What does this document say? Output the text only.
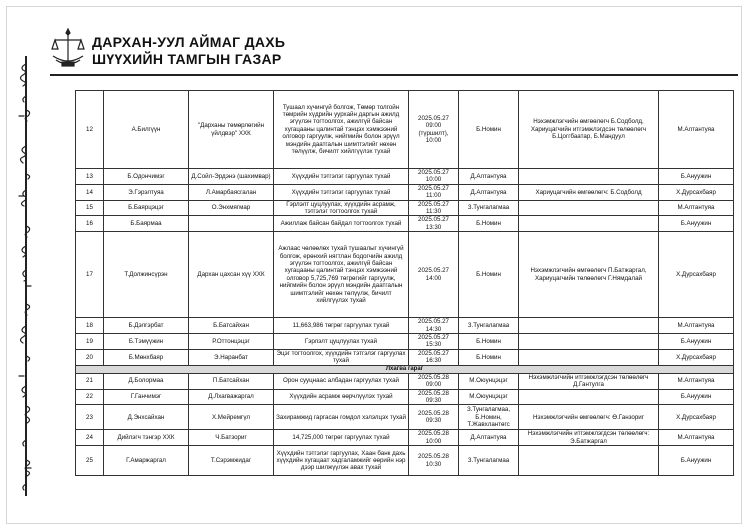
ДАРХАН-УУЛ АЙМАГ ДАХЬ
ШҮҮХИЙН ТАМГЫН ГАЗАР
12	А.Билгүүн	"Дарханы төмөрлөгийн үйлдвэр" ХХК	Тушаал хүчингүй болгож, Төмөр толгойн төмрийн хүдрийн уурхайн даргын ажилд эгүүлэн тогтоолгох, ажилгүй байсан хугацааны цалинтай тэнцэх хэмжээний олговор гаргуулж, нийгмийн болон эрүүл мэндийн даатгалын шимтгэлийг нөхөн төлүүлж, бичилт хийлгүүлэх тухай	2025.05.27 09:00 (түршилт), 10:00	Б.Номин	Нэхэмжлэгчийн өмгөөлөгч Б.Содболд, Хариуцагчийн итгэмжлэгдсэн төлөөлөгч Б.Цоггбаатар, Б.Мандуул	М.Алтантуяа
13	Б.Одончимэг	Д.Сойл-Эрдэнэ (шахимвар)	Хүүхдийн тэтгэлэг гаргуулах тухай	2025.05.27 10:00	Д.Алтантуяа		Б.Ануужин
14	Э.Гэрэлтуяа	Л.Амарбаясгалан	Хүүхдийн тэтгэлэг гаргуулах тухай	2025.05.27 11:00	Д.Алтантуяа	Хариуцагчийн өмгөөлөгч: Б.Содболд	Х.Дурсахбаяр
15	Б.Баярцэцэг	О.Энхмягмар	Гэрлэлт цуцлуулах, хүүхдийн асрамж, тэтгэлэг тогтоолгох тухай	2025.05.27 11:30	З.Тунгалагмаа		М.Алтантуяа
16	Б.Баярмаа		Ажиллаж байсан байдал тогтоолгох тухай	2025.05.27 13:30	Б.Номин		Б.Ануужин
17	Т.Должинсүрэн	Дархан цахсан хүү ХХК	Ажлаас чөлөөлөх тухай тушаалыг хүчингүй болгож, ерөнхий нягтлан бодогчийн ажилд эгүүлэн тогтоолгох, ажилгүй байсан хугацааны цалинтай тэнцэх хэмжээний олговор 5,725,769 төгрөгийг гаргуулж, нийгмийн болон эрүүл мэндийн даатгалын шимтгэлийг нөхөн төлүүлж, бичилт хийлгүүлэх тухай	2025.05.27 14:00	Б.Номин	Нэхэмжлэгчийн өмгөөлөгч П.Батжаргал, Хариуцагчийн төлөөлөгч Г.Нямдалай	Х.Дурсахбаяр
18	Б.Дэлгэрбат	Б.Батсайхан	11,663,986 төгрөг гаргуулах тухай	2025.05.27 14:30	З.Тунгалагмаа		М.Алтантуяа
19	Б.Тэмүүжин	Р.Оттонцэцэг	Гэрлэлт цуцлуулах тухай	2025.05.27 15:30	Б.Номин		Б.Ануужин
20	Б.Мөнхбаяр	Э.Наранбат	Эцэг тогтоолгох, хүүхдийн тэтгэлэг гаргуулах тухай	2025.05.27 16:30	Б.Номин		Х.Дурсахбаяр
Лхагва гараг							
21	Д.Болормаа	П.Батсайхан	Орон сууцнаас албадан гаргуулах тухай	2025.05.28 09:00	М.Оюунцэцэг	Нэхэмжлэгчийн итгэмжлэгдсэн төлөөлөгч Д.Гантулга	М.Алтантуяа
22	Г.Ганчимэг	Д.Лхагважаргал	Хүүхдийн асрамж өөрчлүүлэх тухай	2025.05.28 09:30	М.Оюунцэцэг		Б.Ануужин
23	Д.Энхсайхан	Х.Мейремгүл	Захирамжид гаргасан гомдол хэлэлцэх тухай	2025.05.28 09:30	З.Тунгалагмаа, Б.Номин, Т.Жавхлантөгс	Нэхэмжлэгчийн өмгөөлөгч: Ө.Ганзориг	Х.Дурсахбаяр
24	Дийлэгч тэнгэр ХХК	Ч.Батзориг	14,725,000 төгрөг гаргуулах тухай	2025.05.28 10:00	Д.Алтантуяа	Нэхэмжлэгчийн итгэмжлэгдсэн төлөөлөгч: Э.Батжаргал	М.Алтантуяа
25	Г.Амаржаргал	Т.Сэрэмжидаг	Хүүхдийн тэтгэлэг гаргуулах, Хаан банк дахь хүүхдийн хугацаат хадгаламжийг өөрийн нэр дээр шилжүүлэн авах тухай	2025.05.28 10:30	З.Тунгалагмаа		Б.Ануужин
